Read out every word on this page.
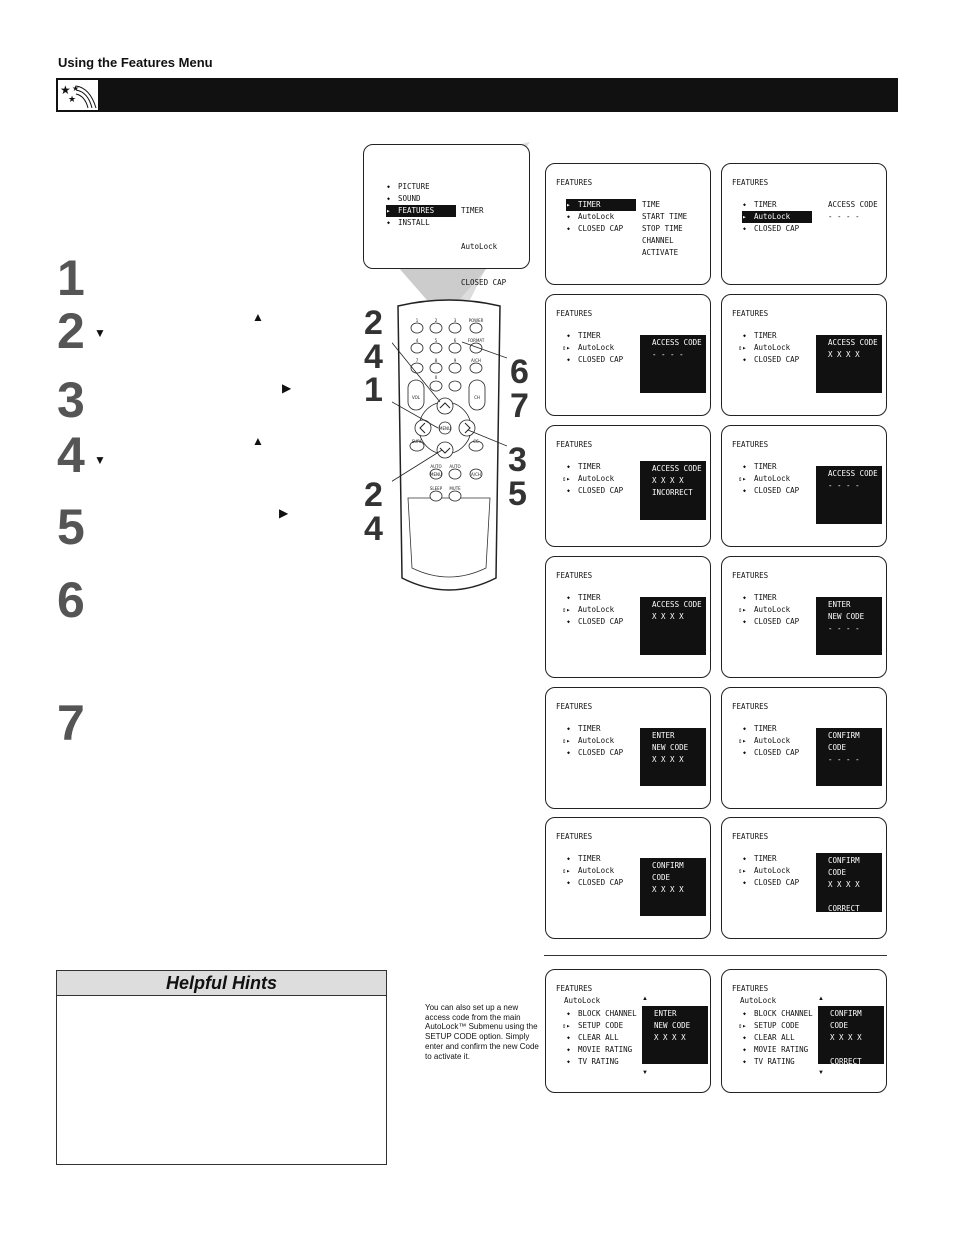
Using the Features Menu
★
★
★
1
2
3
4
5
6
7
▼
▲
▶
▲
▼
▶
◆ PICTURE
◆ SOUND
⇕▸ FEATURES
◆ INSTALL

TIMER

AutoLock

CLOSED CAP

1	2	3	POWER
4	5	6	FORMAT
7	8	9	A/CH
0
VOL	CH
MENU
SURF	CC
AUTO
MENU	A/CH
AUTO
SLEEP MUTE
2
4
1	6
7
3
5
2
4
FEATURES
⇕▸ TIMER
◆ AutoLock
◆ CLOSED CAP
TIME
START TIME
STOP TIME
CHANNEL
ACTIVATE
FEATURES
◆ TIMER
⇕▸ AutoLock
◆ CLOSED CAP
ACCESS CODE
- - - -
FEATURES
◆ TIMER
⇕▸ AutoLock
◆ CLOSED CAP
ACCESS CODE
- - - -
FEATURES
◆ TIMER
⇕▸ AutoLock
◆ CLOSED CAP
ACCESS CODE
X X X X
FEATURES
◆ TIMER
⇕▸ AutoLock
◆ CLOSED CAP
ACCESS CODE
X X X X
INCORRECT
FEATURES
◆ TIMER
⇕▸ AutoLock
◆ CLOSED CAP
ACCESS CODE
- - - -
FEATURES
◆ TIMER
⇕▸ AutoLock
◆ CLOSED CAP
ACCESS CODE
X X X X
FEATURES
◆ TIMER
⇕▸ AutoLock
◆ CLOSED CAP
ENTER
NEW CODE
- - - -
FEATURES
◆ TIMER
⇕▸ AutoLock
◆ CLOSED CAP
ENTER
NEW CODE
X X X X
FEATURES
◆ TIMER
⇕▸ AutoLock
◆ CLOSED CAP
CONFIRM
CODE
- - - -
FEATURES
◆ TIMER
⇕▸ AutoLock
◆ CLOSED CAP
CONFIRM
CODE
X X X X
FEATURES
◆ TIMER
⇕▸ AutoLock
◆ CLOSED CAP
CONFIRM
CODE
X X X X

CORRECT
FEATURES
AutoLock
◆ BLOCK CHANNEL
⇕▸ SETUP CODE
◆ CLEAR ALL
◆ MOVIE RATING
◆ TV RATING
ENTER
NEW CODE
X X X X
▲
▼
FEATURES
AutoLock
◆ BLOCK CHANNEL
⇕▸ SETUP CODE
◆ CLEAR ALL
◆ MOVIE RATING
◆ TV RATING
CONFIRM
CODE
X X X X

CORRECT
▲
▼
Helpful Hints
You can also set up a new access code from the main AutoLock™ Submenu using the SETUP CODE option. Simply enter and confirm the new Code to activate it.
